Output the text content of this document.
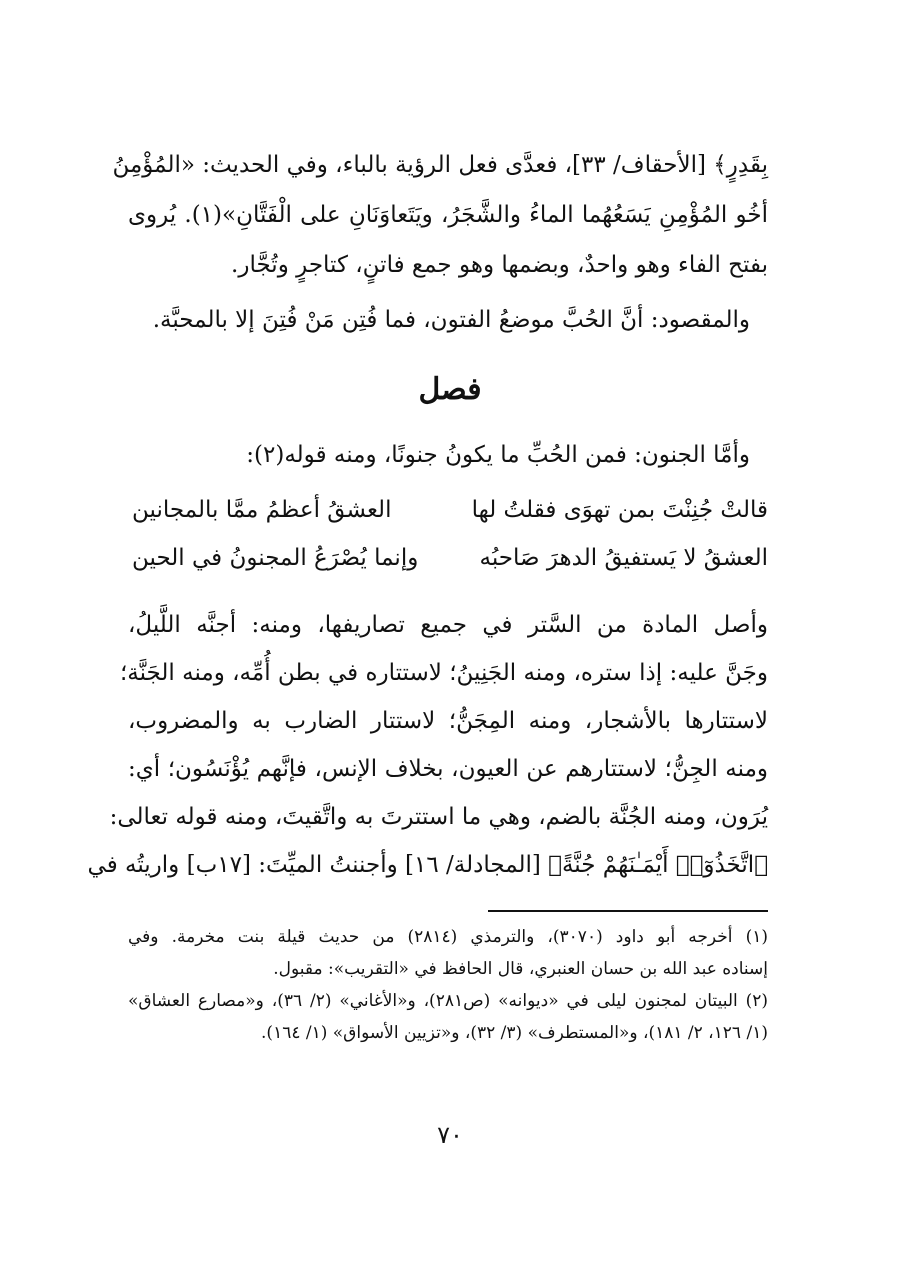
بِقَدِرٍ﴾ [الأحقاف/ ٣٣]، فعدَّى فعل الرؤية بالباء، وفي الحديث: «المُؤْمِنُ
أخُو المُؤْمِنِ يَسَعُهُما الماءُ والشَّجَرُ، ويَتَعاوَنَانِ على الْفَتَّانِ»(١). يُروى
بفتح الفاء وهو واحدٌ، وبضمها وهو جمع فاتنٍ، كتاجرٍ وتُجَّار.
والمقصود: أنَّ الحُبَّ موضعُ الفتون، فما فُتِن مَنْ فُتِنَ إلا بالمحبَّة.
فصل
وأمَّا الجنون: فمن الحُبِّ ما يكونُ جنونًا، ومنه قوله(٢):
قالتْ جُنِنْتَ بمن تهوَى فقلتُ لها
العشقُ أعظمُ ممَّا بالمجانين
العشقُ لا يَستفيقُ الدهرَ صَاحبُه
وإنما يُصْرَعُ المجنونُ في الحين
وأصل المادة من السَّتر في جميع تصاريفها، ومنه: أجنَّه اللَّيلُ،
وجَنَّ عليه: إذا ستره، ومنه الجَنِينُ؛ لاستتاره في بطن أُمِّه، ومنه الجَنَّة؛
لاستتارها بالأشجار، ومنه المِجَنُّ؛ لاستتار الضارب به والمضروب،
ومنه الجِنُّ؛ لاستتارهم عن العيون، بخلاف الإنس، فإنَّهم يُؤْنَسُون؛ أي:
يُرَون، ومنه الجُنَّة بالضم، وهي ما استترتَ به واتَّقيتَ، ومنه قوله تعالى:
﴿اتَّخَذُوٓا۟ أَيْمَـٰنَهُمْ جُنَّةً﴾ [المجادلة/ ١٦] وأجننتُ الميِّتَ: [١٧ب] واريتُه في
(١) أخرجه أبو داود (٣٠٧٠)، والترمذي (٢٨١٤) من حديث قيلة بنت مخرمة. وفي
إسناده عبد الله بن حسان العنبري، قال الحافظ في «التقريب»: مقبول.
(٢) البيتان لمجنون ليلى في «ديوانه» (ص٢٨١)، و«الأغاني» (٢/ ٣٦)، و«مصارع العشاق»
(١/ ١٢٦، ٢/ ١٨١)، و«المستطرف» (٣/ ٣٢)، و«تزيين الأسواق» (١/ ١٦٤).
٧٠
